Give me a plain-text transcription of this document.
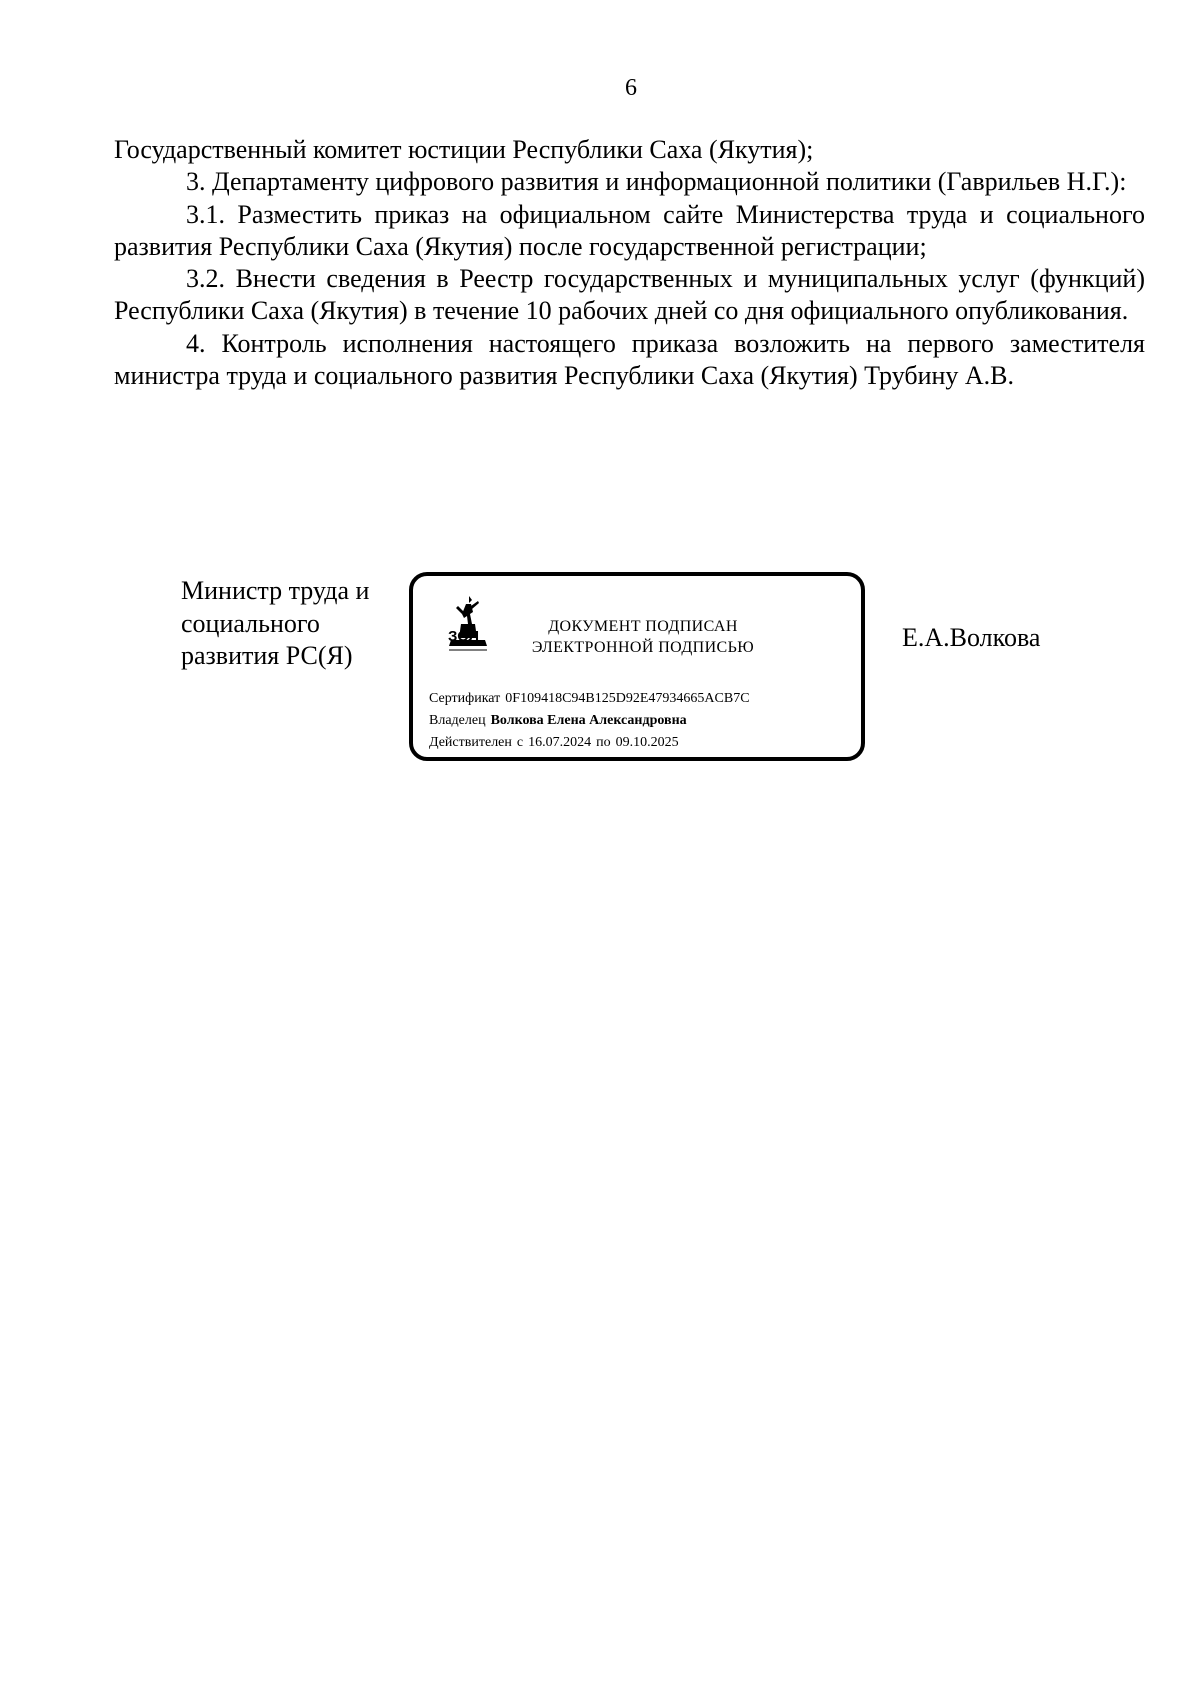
6

Государственный комитет юстиции Республики Саха (Якутия);

3. Департаменту цифрового развития и информационной политики (Гаврильев Н.Г.):

3.1. Разместить приказ на официальном сайте Министерства труда и социального развития Республики Саха (Якутия) после государственной регистрации;

3.2. Внести сведения в Реестр государственных и муниципальных услуг (функций) Республики Саха (Якутия) в течение 10 рабочих дней со дня официального опубликования.

4. Контроль исполнения настоящего приказа возложить на первого заместителя министра труда и социального развития Республики Саха (Якутия) Трубину А.В.

Министр труда и
социального
развития РС(Я)
ЗОЛ
ДОКУМЕНТ ПОДПИСАН
ЭЛЕКТРОННОЙ ПОДПИСЬЮ
Сертификат 0F109418C94B125D92E47934665ACB7C
Владелец Волкова Елена Александровна
Действителен с 16.07.2024 по 09.10.2025
Е.А.Волкова
